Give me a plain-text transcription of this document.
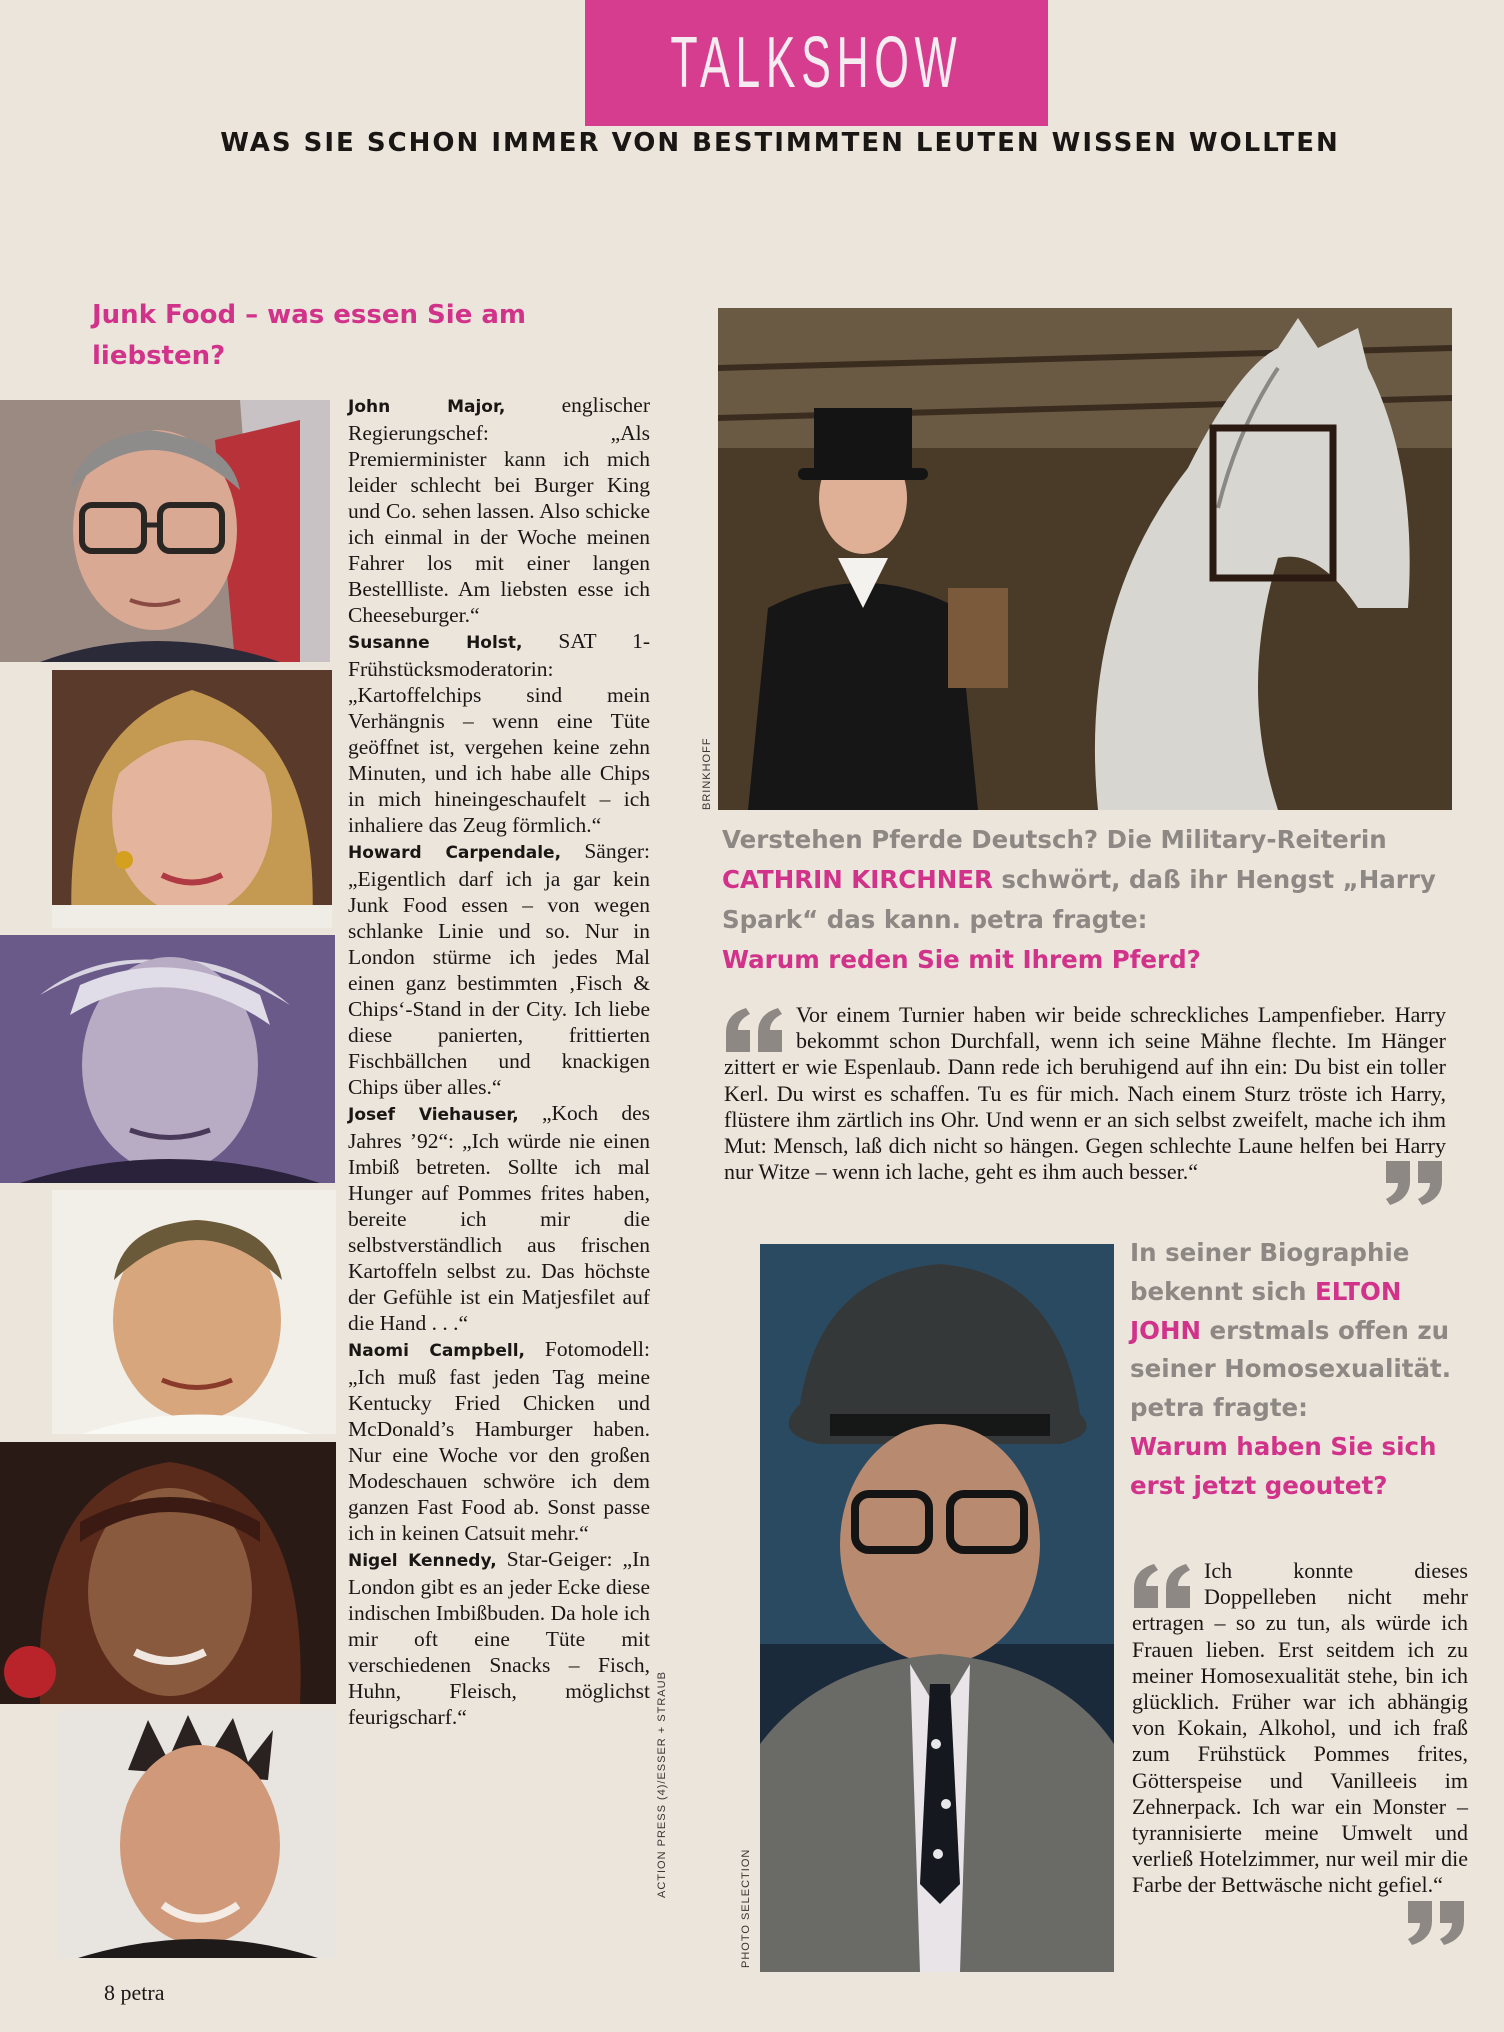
TALKSHOW
WAS SIE SCHON IMMER VON BESTIMMTEN LEUTEN WISSEN WOLLTEN
Junk Food – was essen Sie am
liebsten?

John Major, englischer Regierungschef: „Als Premierminister kann ich mich leider schlecht bei Burger King und Co. sehen lassen. Also schicke ich einmal in der Woche meinen Fahrer los mit einer langen Bestellliste. Am liebsten esse ich Cheeseburger.“

Susanne Holst, SAT 1-Frühstücksmoderatorin: „Kartoffelchips sind mein Verhängnis – wenn eine Tüte geöffnet ist, vergehen keine zehn Minuten, und ich habe alle Chips in mich hineingeschaufelt – ich inhaliere das Zeug förmlich.“

Howard Carpendale, Sänger: „Eigentlich darf ich ja gar kein Junk Food essen – von wegen schlanke Linie und so. Nur in London stürme ich jedes Mal einen ganz bestimmten ‚Fisch & Chips‘-Stand in der City. Ich liebe diese panierten, frittierten Fischbällchen und knackigen Chips über alles.“

Josef Viehauser, „Koch des Jahres ’92“: „Ich würde nie einen Imbiß betreten. Sollte ich mal Hunger auf Pommes frites haben, bereite ich mir die selbstverständlich aus frischen Kartoffeln selbst zu. Das höchste der Gefühle ist ein Matjesfilet auf die Hand . . .“

Naomi Campbell, Fotomodell: „Ich muß fast jeden Tag meine Kentucky Fried Chicken und McDonald’s Hamburger haben. Nur eine Woche vor den großen Modeschauen schwöre ich dem ganzen Fast Food ab. Sonst passe ich in keinen Catsuit mehr.“

Nigel Kennedy, Star-Geiger: „In London gibt es an jeder Ecke diese indischen Imbißbuden. Da hole ich mir oft eine Tüte mit verschiedenen Snacks – Fisch, Huhn, Fleisch, möglichst feurigscharf.“	ACTION PRESS (4)/ESSER + STRAUB
BRINKHOFF
Verstehen Pferde Deutsch? Die Military-Reiterin CATHRIN KIRCHNER schwört, daß ihr Hengst „Harry Spark“ das kann. petra fragte:
Warum reden Sie mit Ihrem Pferd?
Vor einem Turnier haben wir beide schreckliches Lampenfieber. Harry bekommt schon Durchfall, wenn ich seine Mähne flechte. Im Hänger zittert er wie Espenlaub. Dann rede ich beruhigend auf ihn ein: Du bist ein toller Kerl. Du wirst es schaffen. Tu es für mich. Nach einem Sturz tröste ich Harry, flüstere ihm zärtlich ins Ohr. Und wenn er an sich selbst zweifelt, mache ich ihm Mut: Mensch, laß dich nicht so hängen. Gegen schlechte Laune helfen bei Harry nur Witze – wenn ich lache, geht es ihm auch besser.“
PHOTO SELECTION
In seiner Biographie bekennt sich ELTON JOHN erstmals offen zu seiner Homosexualität. petra fragte:
Warum haben Sie sich erst jetzt geoutet?
Ich konnte dieses Doppelleben nicht mehr ertragen – so zu tun, als würde ich Frauen lieben. Erst seitdem ich zu meiner Homosexualität stehe, bin ich glücklich. Früher war ich abhängig von Kokain, Alkohol, und ich fraß zum Frühstück Pommes frites, Götterspeise und Vanilleeis im Zehnerpack. Ich war ein Monster – tyrannisierte meine Umwelt und verließ Hotelzimmer, nur weil mir die Farbe der Bettwäsche nicht gefiel.“
8 petra
